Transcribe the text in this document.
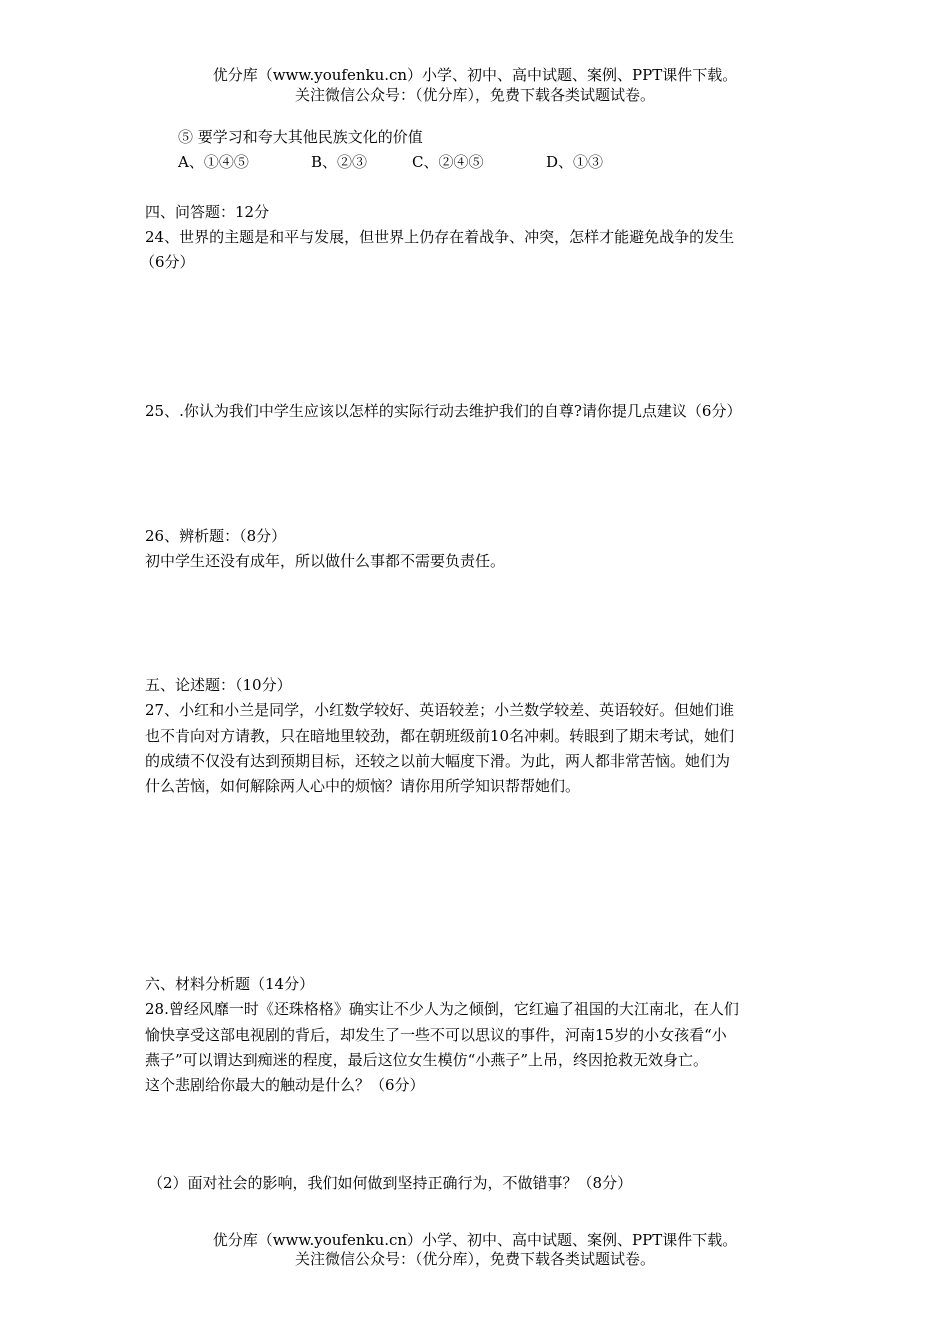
优分库（www.youfenku.cn）小学、初中、高中试题、案例、PPT课件下载。
关注微信公众号：（优分库），免费下载各类试题试卷。
⑤ 要学习和夸大其他民族文化的价值
A、①④⑤	B、②③	C、②④⑤	D、①③
四、问答题：12分
24、世界的主题是和平与发展，但世界上仍存在着战争、冲突，怎样才能避免战争的发生
（6分）
25、.你认为我们中学生应该以怎样的实际行动去维护我们的自尊?请你提几点建议（6分）
26、辨析题：（8分）
初中学生还没有成年，所以做什么事都不需要负责任。
五、论述题：（10分）
27、小红和小兰是同学，小红数学较好、英语较差；小兰数学较差、英语较好。但她们谁
也不肯向对方请教，只在暗地里较劲，都在朝班级前10名冲刺。转眼到了期末考试，她们
的成绩不仅没有达到预期目标，还较之以前大幅度下滑。为此，两人都非常苦恼。她们为
什么苦恼，如何解除两人心中的烦恼？请你用所学知识帮帮她们。
六、材料分析题（14分）
28.曾经风靡一时《还珠格格》确实让不少人为之倾倒，它红遍了祖国的大江南北，在人们
愉快享受这部电视剧的背后，却发生了一些不可以思议的事件，河南15岁的小女孩看“小
燕子”可以谓达到痴迷的程度，最后这位女生模仿“小燕子”上吊，终因抢救无效身亡。
这个悲剧给你最大的触动是什么？（6分）
（2）面对社会的影响，我们如何做到坚持正确行为，不做错事？（8分）
优分库（www.youfenku.cn）小学、初中、高中试题、案例、PPT课件下载。
关注微信公众号：（优分库），免费下载各类试题试卷。
